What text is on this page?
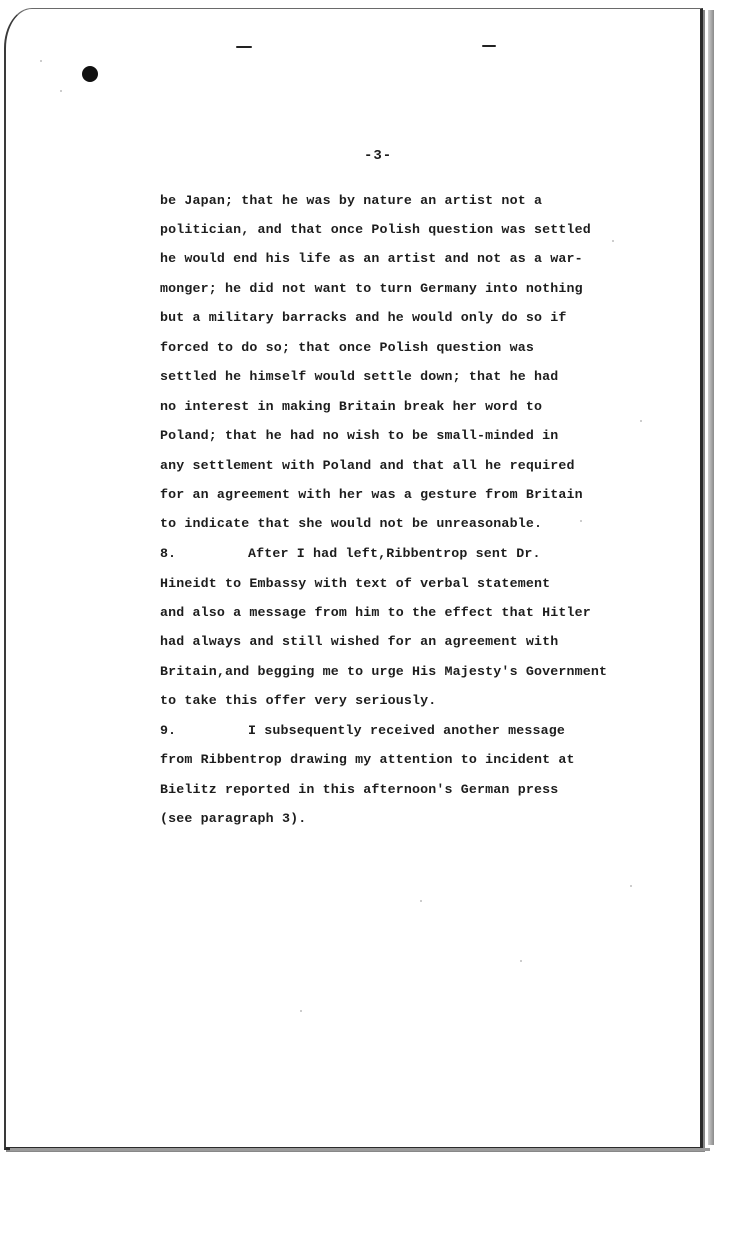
-3-
be Japan; that he was by nature an artist not a
politician, and that once Polish question was settled
he would end his life as an artist and not as a war-
monger; he did not want to turn Germany into nothing
but a military barracks and he would only do so if
forced to do so; that once Polish question was
settled he himself would settle down; that he had
no interest in making Britain break her word to
Poland; that he had no wish to be small-minded in
any settlement with Poland and that all he required
for an agreement with her was a gesture from Britain
to indicate that she would not be unreasonable.
8.	After I had left,Ribbentrop sent Dr.
Hineidt to Embassy with text of verbal statement
and also a message from him to the effect that Hitler
had always and still wished for an agreement with
Britain,and begging me to urge His Majesty's Government
to take this offer very seriously.
9.	I subsequently received another message
from Ribbentrop drawing my attention to incident at
Bielitz reported in this afternoon's German press
(see paragraph 3).
